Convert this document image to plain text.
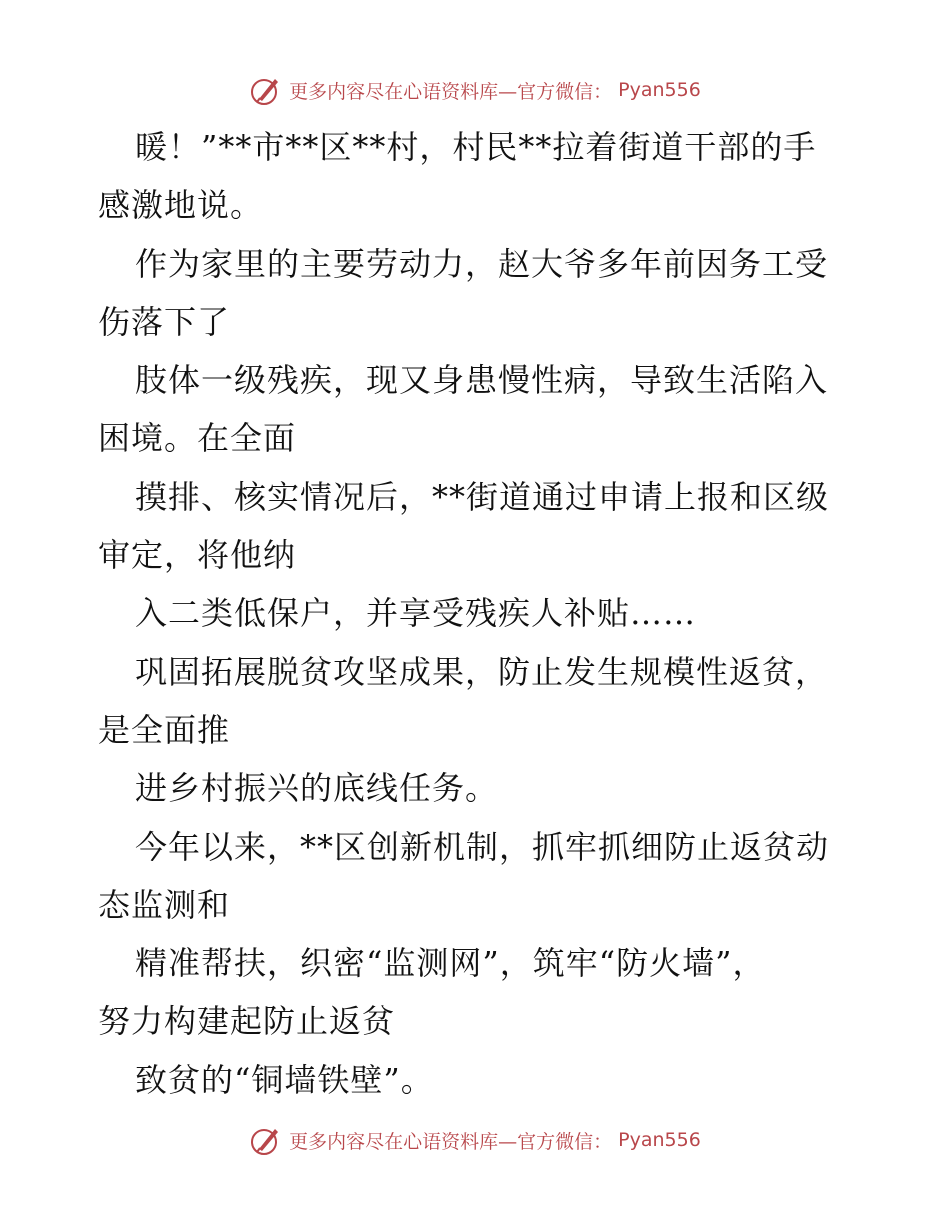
更多内容尽在心语资料库—官方微信： Pyan556
暖！”**市**区**村，村民**拉着街道干部的手
感激地说。
作为家里的主要劳动力，赵大爷多年前因务工受
伤落下了
肢体一级残疾，现又身患慢性病，导致生活陷入
困境。在全面
摸排、核实情况后，**街道通过申请上报和区级
审定，将他纳
入二类低保户，并享受残疾人补贴……
巩固拓展脱贫攻坚成果，防止发生规模性返贫，
是全面推
进乡村振兴的底线任务。
今年以来，**区创新机制，抓牢抓细防止返贫动
态监测和
精准帮扶，织密“监测网”，筑牢“防火墙”，
努力构建起防止返贫
致贫的“铜墙铁壁”。
更多内容尽在心语资料库—官方微信： Pyan556
